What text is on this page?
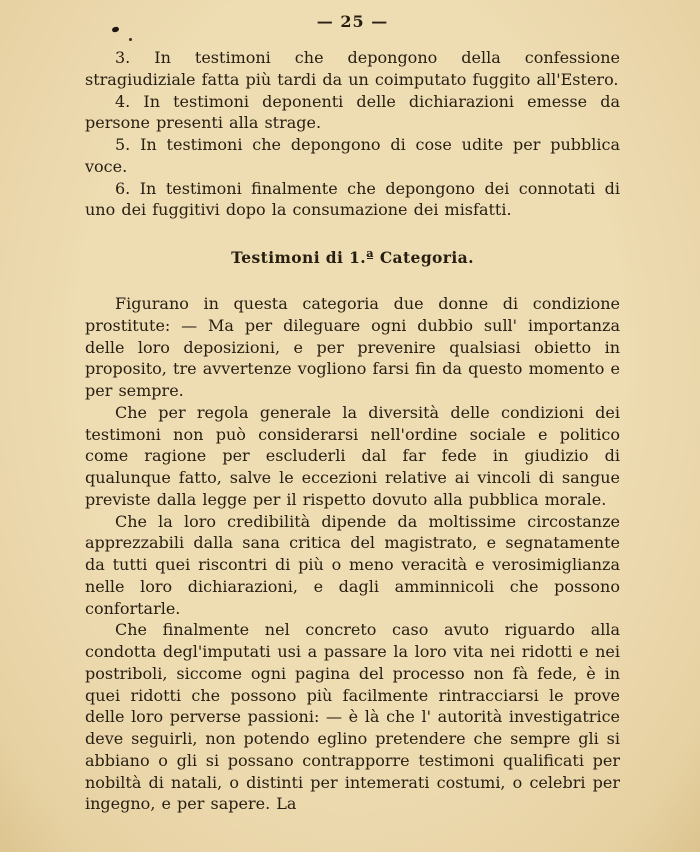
— 25 —

3. In testimoni che depongono della confessione stragiudiziale fatta più tardi da un coimputato fuggito all'Estero.

4. In testimoni deponenti delle dichiarazioni emesse da persone presenti alla strage.

5. In testimoni che depongono di cose udite per pubblica voce.

6. In testimoni finalmente che depongono dei connotati di uno dei fuggitivi dopo la consumazione dei misfatti.

Testimoni di 1.ª Categoria.

Figurano in questa categoria due donne di condizione prostitute: — Ma per dileguare ogni dubbio sull' importanza delle loro deposizioni, e per prevenire qualsiasi obietto in proposito, tre avvertenze vogliono farsi fin da questo momento e per sempre.

Che per regola generale la diversità delle condizioni dei testimoni non può considerarsi nell'ordine sociale e politico come ragione per escluderli dal far fede in giudizio di qualunque fatto, salve le eccezioni relative ai vincoli di sangue previste dalla legge per il rispetto dovuto alla pubblica morale.

Che la loro credibilità dipende da moltissime circostanze apprezzabili dalla sana critica del magistrato, e segnatamente da tutti quei riscontri di più o meno veracità e verosimiglianza nelle loro dichiarazioni, e dagli amminnicoli che possono confortarle.

Che finalmente nel concreto caso avuto riguardo alla condotta degl'imputati usi a passare la loro vita nei ridotti e nei postriboli, siccome ogni pagina del processo non fà fede, è in quei ridotti che possono più facilmente rintracciarsi le prove delle loro perverse passioni: — è là che l' autorità investigatrice deve seguirli, non potendo eglino pretendere che sempre gli si abbiano o gli si possano contrapporre testimoni qualificati per nobiltà di natali, o distinti per intemerati costumi, o celebri per ingegno, e per sapere. La
